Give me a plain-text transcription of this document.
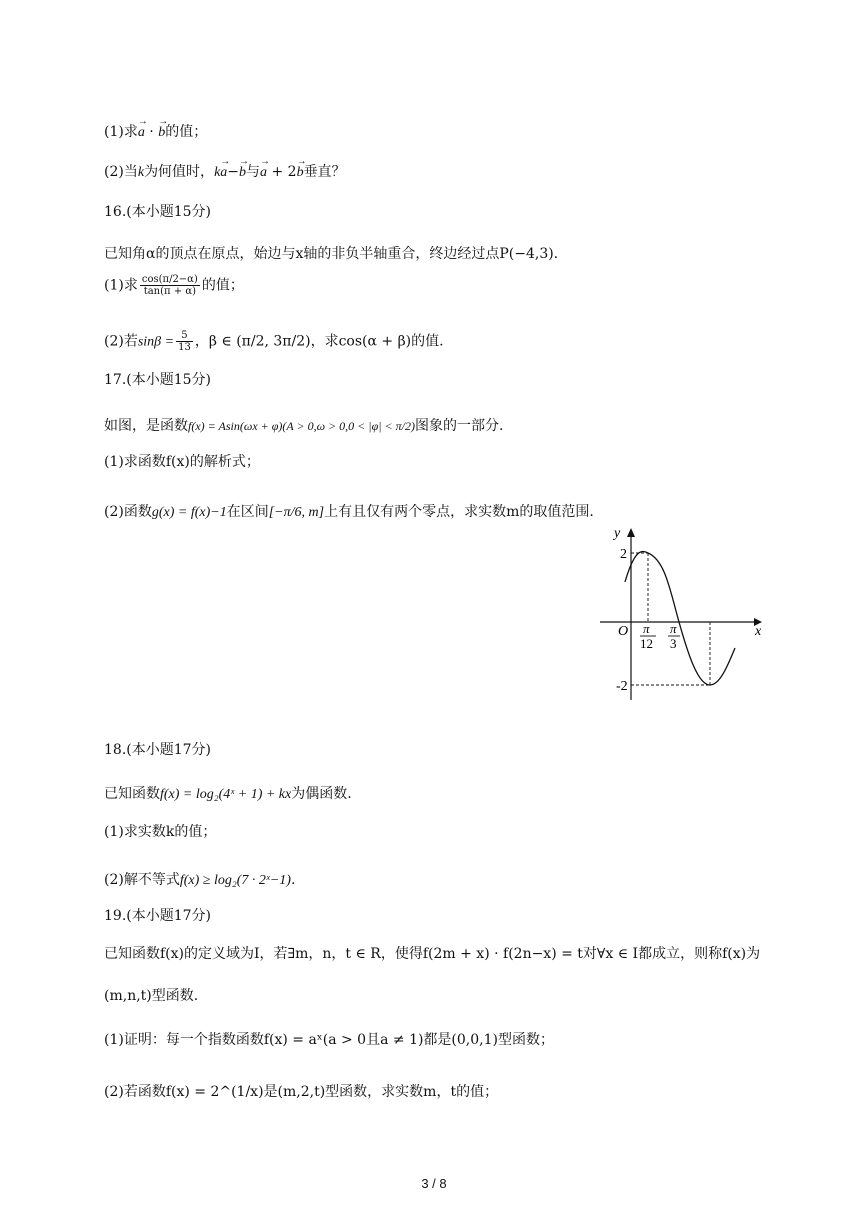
(1)求→ a · → b的值；
(2)当k为何值时，k→ a−→ b与→ a + 2→ b垂直？
16.(本小题15分)
已知角α的顶点在原点，始边与x轴的非负半轴重合，终边经过点P(−4,3).
(1)求 $\frac{\cos(\pi/2-\alpha)}{\tan(\pi + \alpha)}$ 的值；
(2)若$\sin\beta = \frac{5}{13}$ ，β ∈ (π/2, 3π/2)，求cos(α + β)的值.
17.(本小题15分)
如图，是函数f(x) = Asin(ωx + φ)(A > 0,ω > 0,0 < |φ| < π/2)图象的一部分.
(1)求函数f(x)的解析式；
(2)函数g(x) = f(x)−1在区间[−π/6, m]上有且仅有两个零点，求实数m的取值范围.
y
x
O
2
-2
π
12
π
3
18.(本小题17分)
已知函数f(x) = log₂(4ˣ + 1) + kx为偶函数.
(1)求实数k的值；
(2)解不等式f(x) ≥ log₂(7 · 2ˣ−1).
19.(本小题17分)
已知函数f(x)的定义域为I，若∃m，n，t ∈ R，使得f(2m + x) · f(2n−x) = t对∀x ∈ I都成立，则称f(x)为
(m,n,t)型函数.
(1)证明：每一个指数函数f(x) = aˣ(a > 0且a ≠ 1)都是(0,0,1)型函数；
(2)若函数f(x) = 2^(1/x)是(m,2,t)型函数，求实数m，t的值；
3 / 8
